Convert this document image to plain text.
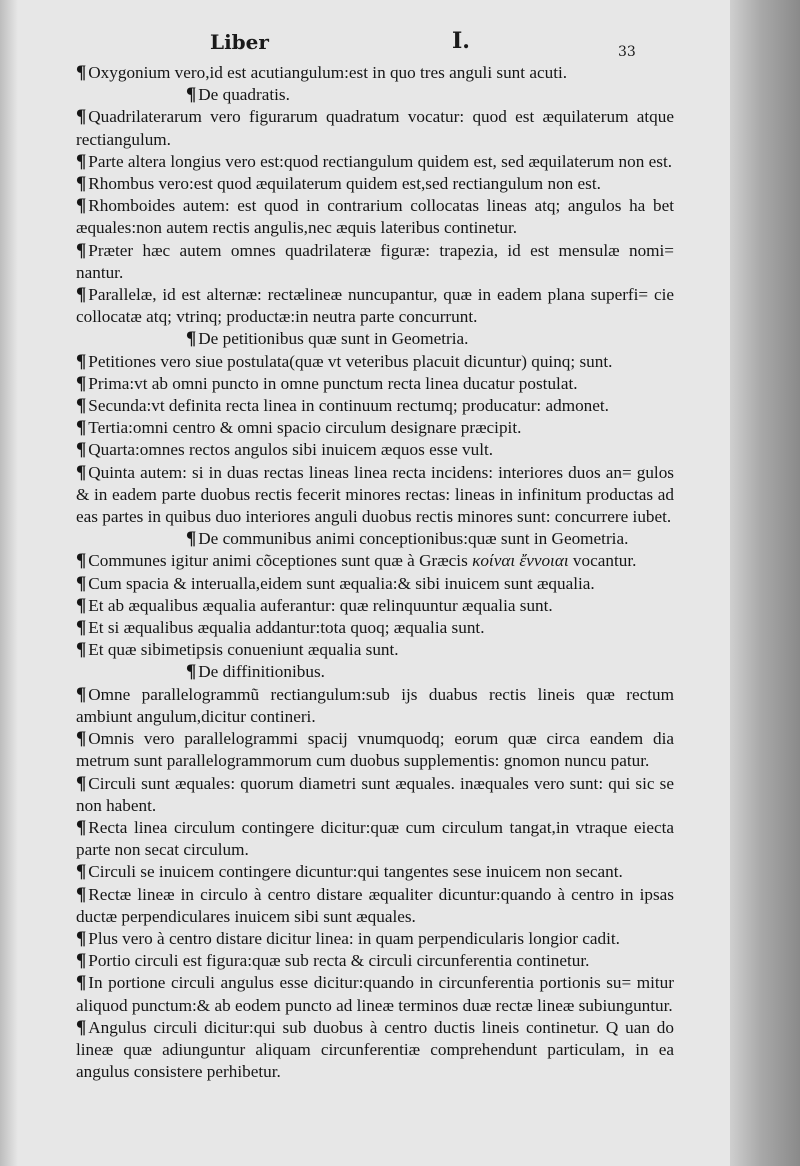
Liber	I.	33
¶ Oxygonium vero,id est acutiangulum:est in quo tres anguli sunt acuti.
¶ De quadratis.
¶ Quadrilaterarum vero figurarum quadratum vocatur: quod est æquilaterum atque rectiangulum.
¶ Parte altera longius vero est:quod rectiangulum quidem est, sed æquilaterum non est.
¶ Rhombus vero:est quod æquilaterum quidem est,sed rectiangulum non est.
¶ Rhomboides autem: est quod in contrarium collocatas lineas atq; angulos ha bet æquales:non autem rectis angulis,nec æquis lateribus continetur.
¶ Præter hæc autem omnes quadrilateræ figuræ: trapezia, id est mensulæ nomi= nantur.
¶ Parallelæ, id est alternæ: rectælineæ nuncupantur, quæ in eadem plana superfi= cie collocatæ atq; vtrinq; productæ:in neutra parte concurrunt.
¶ De petitionibus quæ sunt in Geometria.
¶ Petitiones vero siue postulata(quæ vt veteribus placuit dicuntur) quinq; sunt.
¶ Prima:vt ab omni puncto in omne punctum recta linea ducatur postulat.
¶ Secunda:vt definita recta linea in continuum rectumq; producatur: admonet.
¶ Tertia:omni centro & omni spacio circulum designare præcipit.
¶ Quarta:omnes rectos angulos sibi inuicem æquos esse vult.
¶ Quinta autem: si in duas rectas lineas linea recta incidens: interiores duos an= gulos & in eadem parte duobus rectis fecerit minores rectas: lineas in infinitum productas ad eas partes in quibus duo interiores anguli duobus rectis minores sunt: concurrere iubet.
¶ De communibus animi conceptionibus:quæ sunt in Geometria.
¶ Communes igitur animi cõceptiones sunt quæ à Græcis κοίναι ἔννοιαι vocantur.
¶ Cum spacia & interualla,eidem sunt æqualia:& sibi inuicem sunt æqualia.
¶ Et ab æqualibus æqualia auferantur: quæ relinquuntur æqualia sunt.
¶ Et si æqualibus æqualia addantur:tota quoq; æqualia sunt.
¶ Et quæ sibimetipsis conueniunt æqualia sunt.
¶ De diffinitionibus.
¶ Omne parallelogrammũ rectiangulum:sub ijs duabus rectis lineis quæ rectum ambiunt angulum,dicitur contineri.
¶ Omnis vero parallelogrammi spacij vnumquodq; eorum quæ circa eandem dia metrum sunt parallelogrammorum cum duobus supplementis: gnomon nuncu patur.
¶ Circuli sunt æquales: quorum diametri sunt æquales. inæquales vero sunt: qui sic se non habent.
¶ Recta linea circulum contingere dicitur:quæ cum circulum tangat,in vtraque eiecta parte non secat circulum.
¶ Circuli se inuicem contingere dicuntur:qui tangentes sese inuicem non secant.
¶ Rectæ lineæ in circulo à centro distare æqualiter dicuntur:quando à centro in ipsas ductæ perpendiculares inuicem sibi sunt æquales.
¶ Plus vero à centro distare dicitur linea: in quam perpendicularis longior cadit.
¶ Portio circuli est figura:quæ sub recta & circuli circunferentia continetur.
¶ In portione circuli angulus esse dicitur:quando in circunferentia portionis su= mitur aliquod punctum:& ab eodem puncto ad lineæ terminos duæ rectæ lineæ subiunguntur.
¶ Angulus circuli dicitur:qui sub duobus à centro ductis lineis continetur. Q uan do lineæ quæ adiunguntur aliquam circunferentiæ comprehendunt particulam, in ea angulus consistere perhibetur.
